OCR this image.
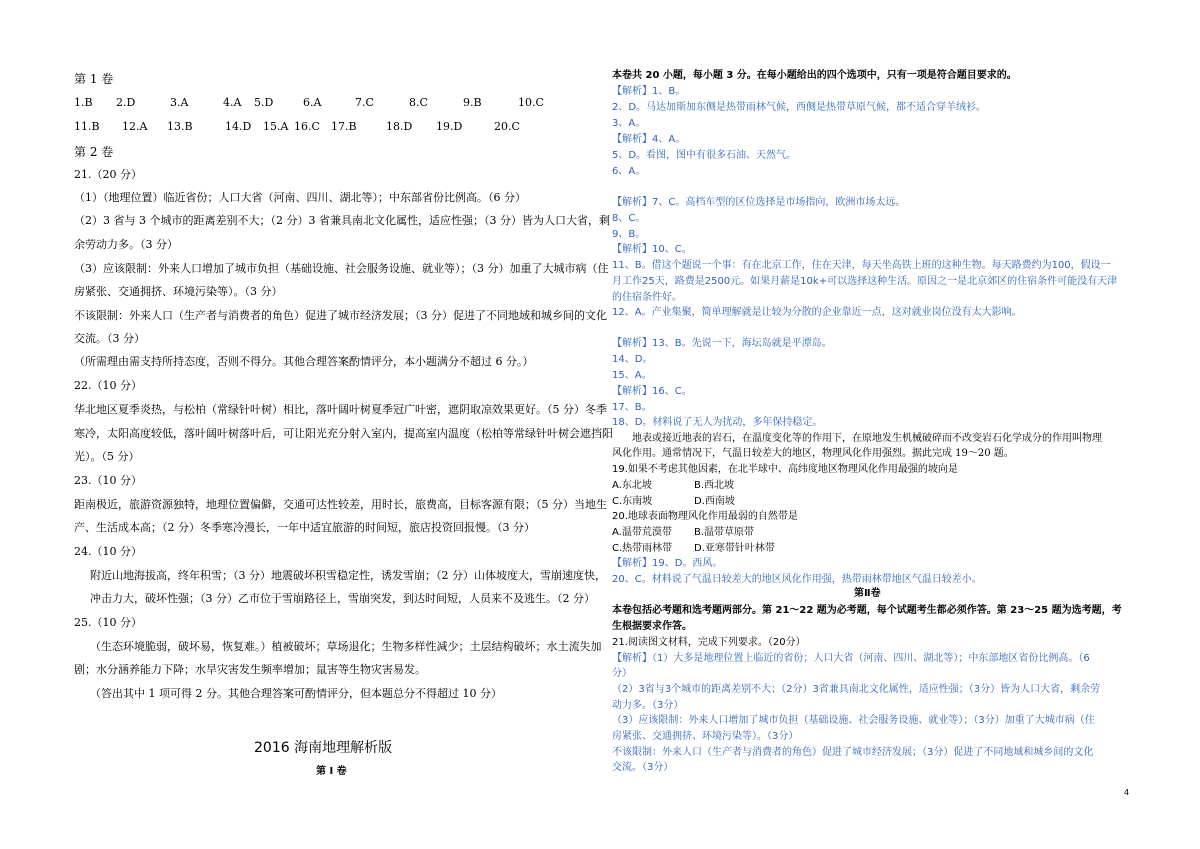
第 1 卷
1.B 2.D	3.A	4.A 5.D	6.A	7.C	8.C	9.B	10.C
11.B 12.A 13.B	14.D 15.A 16.C 17.B	18.D 19.D	20.C
第 2 卷
21.（20 分）
（1）（地理位置）临近省份；人口大省（河南、四川、湖北等）；中东部省份比例高。（6 分）
（2）3 省与 3 个城市的距离差别不大；（2 分）3 省兼具南北文化属性，适应性强；（3 分）皆为人口大省，剩
余劳动力多。（3 分）
（3）应该限制：外来人口增加了城市负担（基础设施、社会服务设施、就业等）；（3 分）加重了大城市病（住
房紧张、交通拥挤、环境污染等）。（3 分）
不该限制：外来人口（生产者与消费者的角色）促进了城市经济发展；（3 分）促进了不同地域和城乡间的文化
交流。（3 分）
（所需理由需支持所持态度，否则不得分。其他合理答案酌情评分，本小题满分不超过 6 分。）
22.（10 分）
华北地区夏季炎热，与松柏（常绿针叶树）相比，落叶阔叶树夏季冠广叶密，遮阴取凉效果更好。（5 分）冬季
寒冷，太阳高度较低，落叶阔叶树落叶后，可让阳光充分射入室内，提高室内温度（松柏等常绿针叶树会遮挡阳
光）。（5 分）
23.（10 分）
距南极近，旅游资源独特，地理位置偏僻，交通可达性较差，用时长，旅费高，目标客源有限；（5 分）当地生
产、生活成本高；（2 分）冬季寒冷漫长，一年中适宜旅游的时间短，旅店投资回报慢。（3 分）
24.（10 分）
附近山地海拔高，终年积雪；（3 分）地震破坏积雪稳定性，诱发雪崩；（2 分）山体坡度大，雪崩速度快，
冲击力大，破坏性强；（3 分）乙市位于雪崩路径上，雪崩突发，到达时间短，人员来不及逃生。（2 分）
25.（10 分）
（生态环境脆弱，破坏易，恢复难。）植被破坏；草场退化；生物多样性减少；土层结构破坏；水土流失加
剧；水分涵养能力下降；水旱灾害发生频率增加；鼠害等生物灾害易发。
（答出其中 1 项可得 2 分。其他合理答案可酌情评分，但本题总分不得超过 10 分）
2016 海南地理解析版
第 I 卷
本卷共 20 小题，每小题 3 分。在每小题给出的四个选项中，只有一项是符合题目要求的。
【解析】1、B。
2、D。马达加斯加东侧是热带雨林气候，西侧是热带草原气候，都不适合穿羊绒衫。
3、A。
【解析】4、A。
5、D。看图，图中有很多石油、天然气。
6、A。
【解析】7、C。高档车型的区位选择是市场指向，欧洲市场太远。
8、C。
9、B。
【解析】10、C。
11、B。借这个题说一个事：有在北京工作，住在天津，每天坐高铁上班的这种生物。每天路费约为100，假设一
月工作25天，路费是2500元。如果月薪是10k+可以选择这种生活。原因之一是北京郊区的住宿条件可能没有天津
的住宿条件好。
12、A。产业集聚，简单理解就是让较为分散的企业靠近一点，这对就业岗位没有太大影响。
【解析】13、B。先说一下，海坛岛就是平潭岛。
14、D。
15、A。
【解析】16、C。
17、B。
18、D。材料说了无人为扰动，多年保持稳定。
地表或接近地表的岩石，在温度变化等的作用下，在原地发生机械破碎而不改变岩石化学成分的作用叫物理
风化作用。通常情况下，气温日较差大的地区，物理风化作用强烈。据此完成 19～20 题。
19.如果不考虑其他因素，在北半球中、高纬度地区物理风化作用最强的坡向是
A.东北坡	B.西北坡
C.东南坡	D.西南坡
20.地球表面物理风化作用最弱的自然带是
A.温带荒漠带 B.温带草原带
C.热带雨林带 D.亚寒带针叶林带
【解析】19、D。西风。
20、C。材料说了气温日较差大的地区风化作用强，热带雨林带地区气温日较差小。
本卷包括必考题和选考题两部分。第 21～22 题为必考题，每个试题考生都必须作答。第 23～25 题为选考题，考
生根据要求作答。
21.阅读图文材料，完成下列要求。（20分）
【解析】（1）大多是地理位置上临近的省份；人口大省（河南、四川、湖北等）；中东部地区省份比例高。（6
分）
（2）3省与3个城市的距离差别不大；（2分）3省兼具南北文化属性，适应性强；（3分）皆为人口大省，剩余劳
动力多。（3分）
（3）应该限制：外来人口增加了城市负担（基础设施、社会服务设施、就业等）；（3分）加重了大城市病（住
房紧张、交通拥挤、环境污染等）。（3分）
不该限制：外来人口（生产者与消费者的角色）促进了城市经济发展；（3分）促进了不同地域和城乡间的文化
交流。（3分）
第Ⅱ卷
4
